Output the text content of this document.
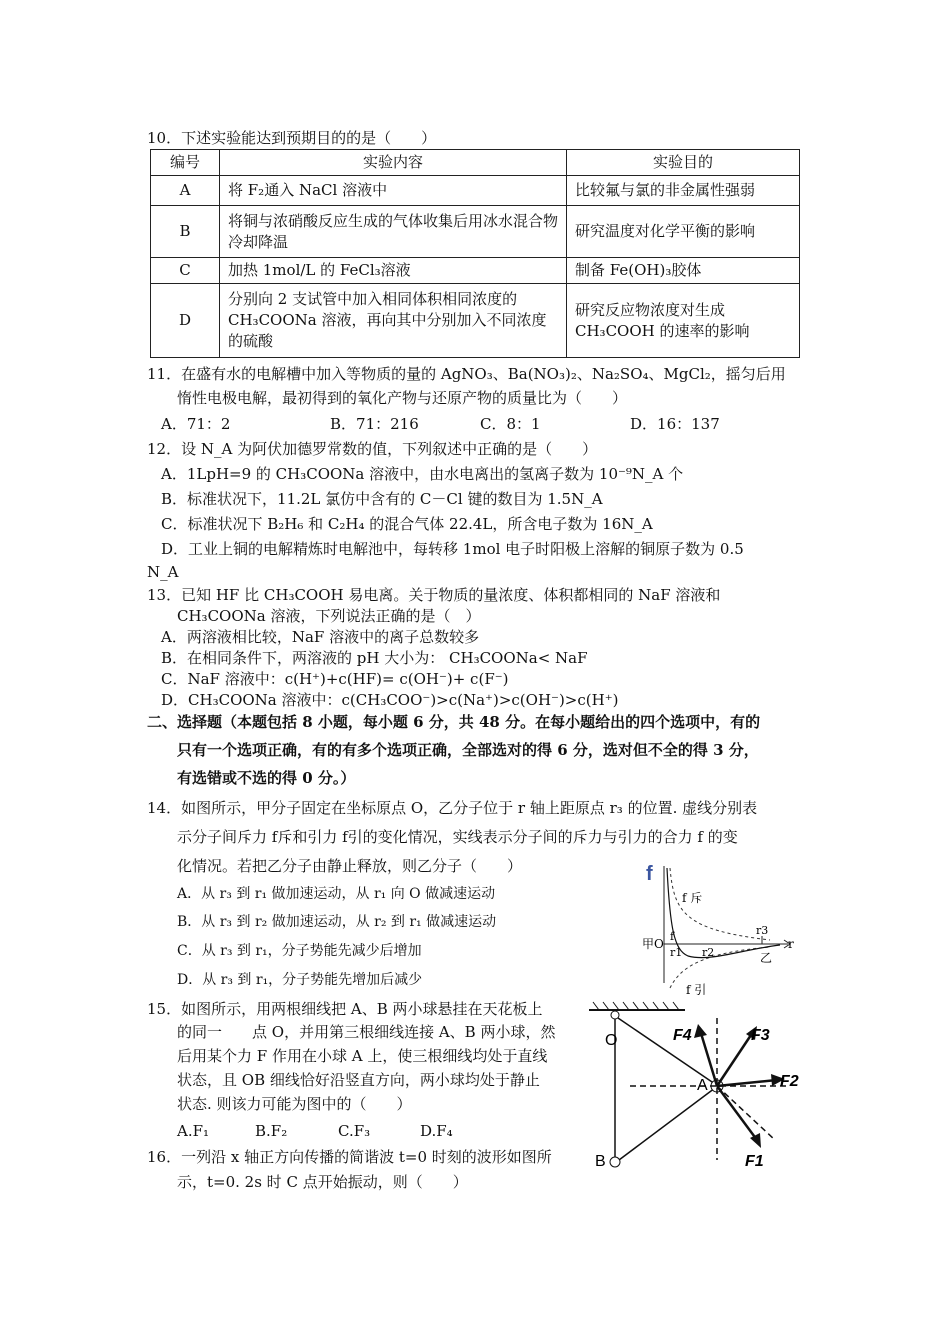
10．下述实验能达到预期目的的是（　　）
编号	实验内容	实验目的
A	将 F₂通入 NaCl 溶液中	比较氟与氯的非金属性强弱
B	将铜与浓硝酸反应生成的气体收集后用冰水混合物冷却降温	研究温度对化学平衡的影响
C	加热 1mol/L 的 FeCl₃溶液	制备 Fe(OH)₃胶体
D	分别向 2 支试管中加入相同体积相同浓度的 CH₃COONa 溶液，再向其中分别加入不同浓度的硫酸	研究反应物浓度对生成 CH₃COOH 的速率的影响
11．在盛有水的电解槽中加入等物质的量的 AgNO₃、Ba(NO₃)₂、Na₂SO₄、MgCl₂，摇匀后用
惰性电极电解，最初得到的氧化产物与还原产物的质量比为（　　）
A．71：2	B．71：216	C．8：1	D．16：137
12．设 N_A 为阿伏加德罗常数的值，下列叙述中正确的是（　　）
A．1LpH=9 的 CH₃COONa 溶液中，由水电离出的氢离子数为 10⁻⁹N_A 个
B．标准状况下，11.2L 氯仿中含有的 C－Cl 键的数目为 1.5N_A
C．标准状况下 B₂H₆ 和 C₂H₄ 的混合气体 22.4L，所含电子数为 16N_A
D．工业上铜的电解精炼时电解池中，每转移 1mol 电子时阳极上溶解的铜原子数为 0.5
N_A
13．已知 HF 比 CH₃COOH 易电离。关于物质的量浓度、体积都相同的 NaF 溶液和
CH₃COONa 溶液，下列说法正确的是（　）
A．两溶液相比较，NaF 溶液中的离子总数较多
B．在相同条件下，两溶液的 pH 大小为： CH₃COONa< NaF
C．NaF 溶液中：c(H⁺)+c(HF)= c(OH⁻)+ c(F⁻)
D．CH₃COONa 溶液中：c(CH₃COO⁻)>c(Na⁺)>c(OH⁻)>c(H⁺)
二、选择题（本题包括 8 小题，每小题 6 分，共 48 分。在每小题给出的四个选项中，有的
只有一个选项正确，有的有多个选项正确，全部选对的得 6 分，选对但不全的得 3 分，
有选错或不选的得 0 分。）
14．如图所示，甲分子固定在坐标原点 O，乙分子位于 r 轴上距原点 r₃ 的位置. 虚线分别表
示分子间斥力 f斥和引力 f引的变化情况，实线表示分子间的斥力与引力的合力 f 的变
化情况。若把乙分子由静止释放，则乙分子（　　）
A．从 r₃ 到 r₁ 做加速运动，从 r₁ 向 O 做减速运动
B．从 r₃ 到 r₂ 做加速运动，从 r₂ 到 r₁ 做减速运动
C．从 r₃ 到 r₁，分子势能先减少后增加
D．从 r₃ 到 r₁，分子势能先增加后减少
f
f 斥
f 引
甲 O
f
r1 r2
r3
r
乙
15．如图所示，用两根细线把 A、B 两小球悬挂在天花板上
的同一　　点 O，并用第三根细线连接 A、B 两小球，然
后用某个力 F 作用在小球 A 上，使三根细线均处于直线
状态，且 OB 细线恰好沿竖直方向，两小球均处于静止
状态. 则该力可能为图中的（　　）
A.F₁	B.F₂	C.F₃	D.F₄
O
A
B
F4	F3
F2
F1
16．一列沿 x 轴正方向传播的简谐波 t=0 时刻的波形如图所
示，t=0. 2s 时 C 点开始振动，则（　　）
